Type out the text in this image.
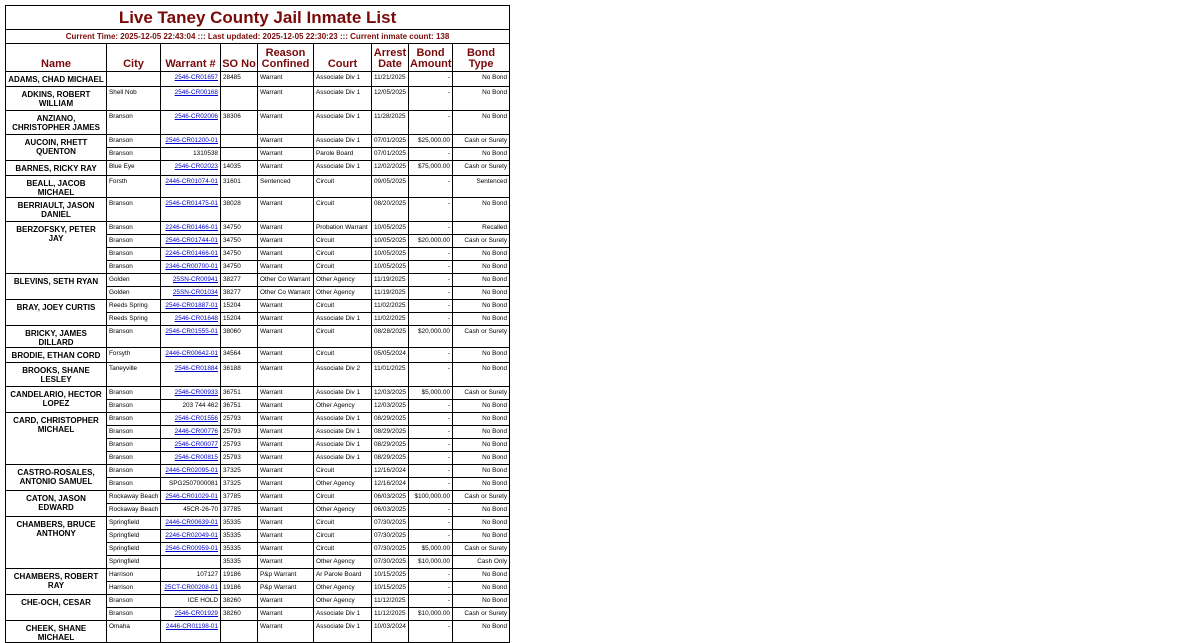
Live Taney County Jail Inmate List								
Current Time: 2025-12-05 22:43:04 ::: Last updated: 2025-12-05 22:30:23 ::: Current inmate count: 138								
Name	City	Warrant #	SO No	Reason Confined	Court	Arrest Date	Bond Amount	Bond Type
ADAMS, CHAD MICHAEL		2546-CR01657	28485	Warrant	Associate Div 1	11/21/2025	-	No Bond
ADKINS, ROBERT WILLIAM	Shell Nob	2546-CR00168		Warrant	Associate Div 1	12/05/2025	-	No Bond
ANZIANO, CHRISTOPHER JAMES	Branson	2546-CR02006	38306	Warrant	Associate Div 1	11/28/2025	-	No Bond
AUCOIN, RHETT QUENTON	Branson	2546-CR01200-01		Warrant	Associate Div 1	07/01/2025	$25,000.00	Cash or Surety
	Branson	1310538		Warrant	Parole Board	07/01/2025	-	No Bond
BARNES, RICKY RAY	Blue Eye	2546-CR02023	14035	Warrant	Associate Div 1	12/02/2025	$75,000.00	Cash or Surety
BEALL, JACOB MICHAEL	Forsth	2446-CR01074-01	31601	Sentenced	Circuit	09/05/2025	-	Sentenced
BERRIAULT, JASON DANIEL	Branson	2546-CR01475-01	38028	Warrant	Circuit	08/20/2025	-	No Bond
BERZOFSKY, PETER JAY	Branson	2246-CR01466-01	34750	Warrant	Probation Warrant	10/05/2025	-	Recalled
	Branson	2546-CR01744-01	34750	Warrant	Circuit	10/05/2025	$20,000.00	Cash or Surety
	Branson	2246-CR01466-01	34750	Warrant	Circuit	10/05/2025	-	No Bond
	Branson	2346-CR00700-01	34750	Warrant	Circuit	10/05/2025	-	No Bond
BLEVINS, SETH RYAN	Golden	25SN-CR00941	38277	Other Co Warrant	Other Agency	11/19/2025	-	No Bond
	Golden	25SN-CR01034	38277	Other Co Warrant	Other Agency	11/19/2025	-	No Bond
BRAY, JOEY CURTIS	Reeds Spring	2546-CR01887-01	15204	Warrant	Circuit	11/02/2025	-	No Bond
	Reeds Spring	2546-CR01648	15204	Warrant	Associate Div 1	11/02/2025	-	No Bond
BRICKY, JAMES DILLARD	Branson	2546-CR01555-01	38060	Warrant	Circuit	08/28/2025	$20,000.00	Cash or Surety
BRODIE, ETHAN CORD	Forsyth	2446-CR00642-01	34564	Warrant	Circuit	05/05/2024	-	No Bond
BROOKS, SHANE LESLEY	Taneyville	2546-CR01884	36188	Warrant	Associate Div 2	11/01/2025	-	No Bond
CANDELARIO, HECTOR LOPEZ	Branson	2546-CR00933	36751	Warrant	Associate Div 1	12/03/2025	$5,000.00	Cash or Surety
	Branson	203 744 462	36751	Warrant	Other Agency	12/03/2025	-	No Bond
CARD, CHRISTOPHER MICHAEL	Branson	2546-CR01556	25793	Warrant	Associate Div 1	08/29/2025	-	No Bond
	Branson	2446-CR00776	25793	Warrant	Associate Div 1	08/29/2025	-	No Bond
	Branson	2546-CR00077	25793	Warrant	Associate Div 1	08/29/2025	-	No Bond
	Branson	2546-CR00815	25793	Warrant	Associate Div 1	08/29/2025	-	No Bond
CASTRO-ROSALES, ANTONIO SAMUEL	Branson	2446-CR02095-01	37325	Warrant	Circuit	12/16/2024	-	No Bond
	Branson	SPG2507000081	37325	Warrant	Other Agency	12/16/2024	-	No Bond
CATON, JASON EDWARD	Rockaway Beach	2546-CR01029-01	37785	Warrant	Circuit	06/03/2025	$100,000.00	Cash or Surety
	Rockaway Beach	45CR-26-70	37785	Warrant	Other Agency	06/03/2025	-	No Bond
CHAMBERS, BRUCE ANTHONY	Springfield	2446-CR00639-01	35335	Warrant	Circuit	07/30/2025	-	No Bond
	Springfield	2246-CR02049-01	35335	Warrant	Circuit	07/30/2025	-	No Bond
	Springfield	2546-CR00959-01	35335	Warrant	Circuit	07/30/2025	$5,000.00	Cash or Surety
	Springfield		35335	Warrant	Other Agency	07/30/2025	$10,000.00	Cash Only
CHAMBERS, ROBERT RAY	Harrison	107127	19186	P&p Warrant	Ar Parole Board	10/15/2025	-	No Bond
	Harrison	25CT-CR00208-01	19186	P&p Warrant	Other Agency	10/15/2025	-	No Bond
CHE-OCH, CESAR	Branson	ICE HOLD	38260	Warrant	Other Agency	11/12/2025	-	No Bond
	Branson	2546-CR01929	38260	Warrant	Associate Div 1	11/12/2025	$10,000.00	Cash or Surety
CHEEK, SHANE MICHAEL	Omaha	2446-CR01198-01		Warrant	Associate Div 1	10/03/2024	-	No Bond
